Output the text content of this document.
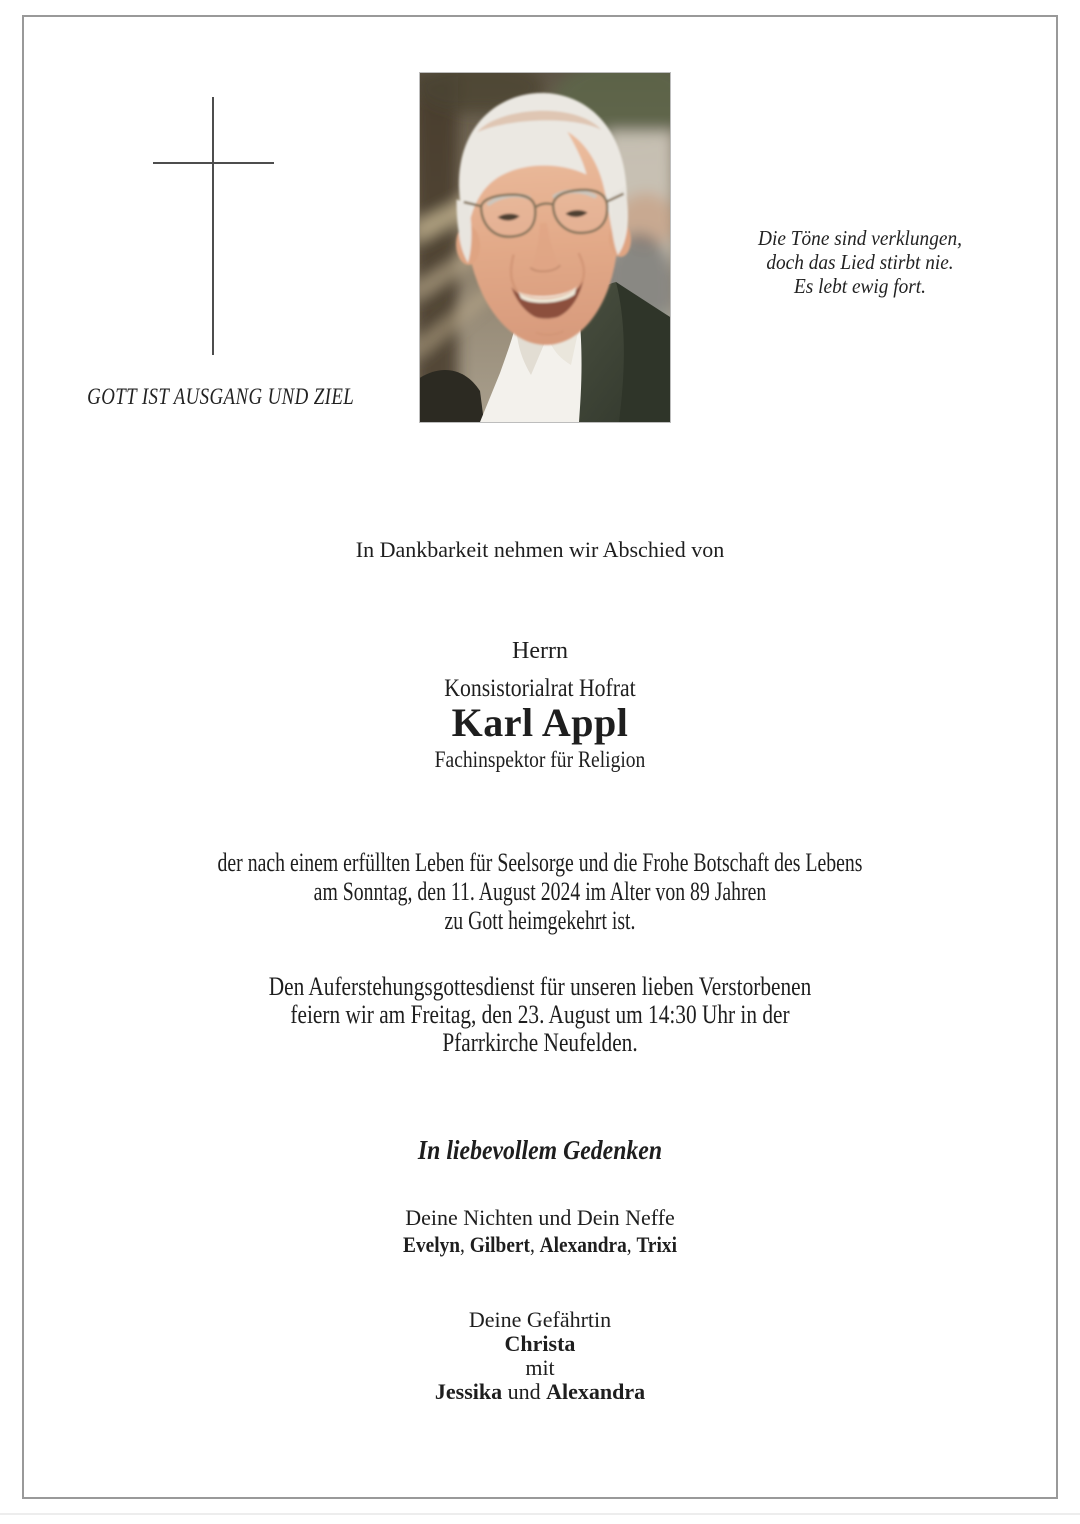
Die Töne sind verklungen,
doch das Lied stirbt nie.
Es lebt ewig fort.
GOTT IST AUSGANG UND ZIEL
In Dankbarkeit nehmen wir Abschied von
Herrn
Konsistorialrat Hofrat
Karl Appl
Fachinspektor für Religion
der nach einem erfüllten Leben für Seelsorge und die Frohe Botschaft des Lebens
am Sonntag, den 11. August 2024 im Alter von 89 Jahren
zu Gott heimgekehrt ist.
Den Auferstehungsgottesdienst für unseren lieben Verstorbenen
feiern wir am Freitag, den 23. August um 14:30 Uhr in der
Pfarrkirche Neufelden.
In liebevollem Gedenken
Deine Nichten und Dein Neffe
Evelyn, Gilbert, Alexandra, Trixi
Deine Gefährtin
Christa
mit
Jessika und Alexandra
